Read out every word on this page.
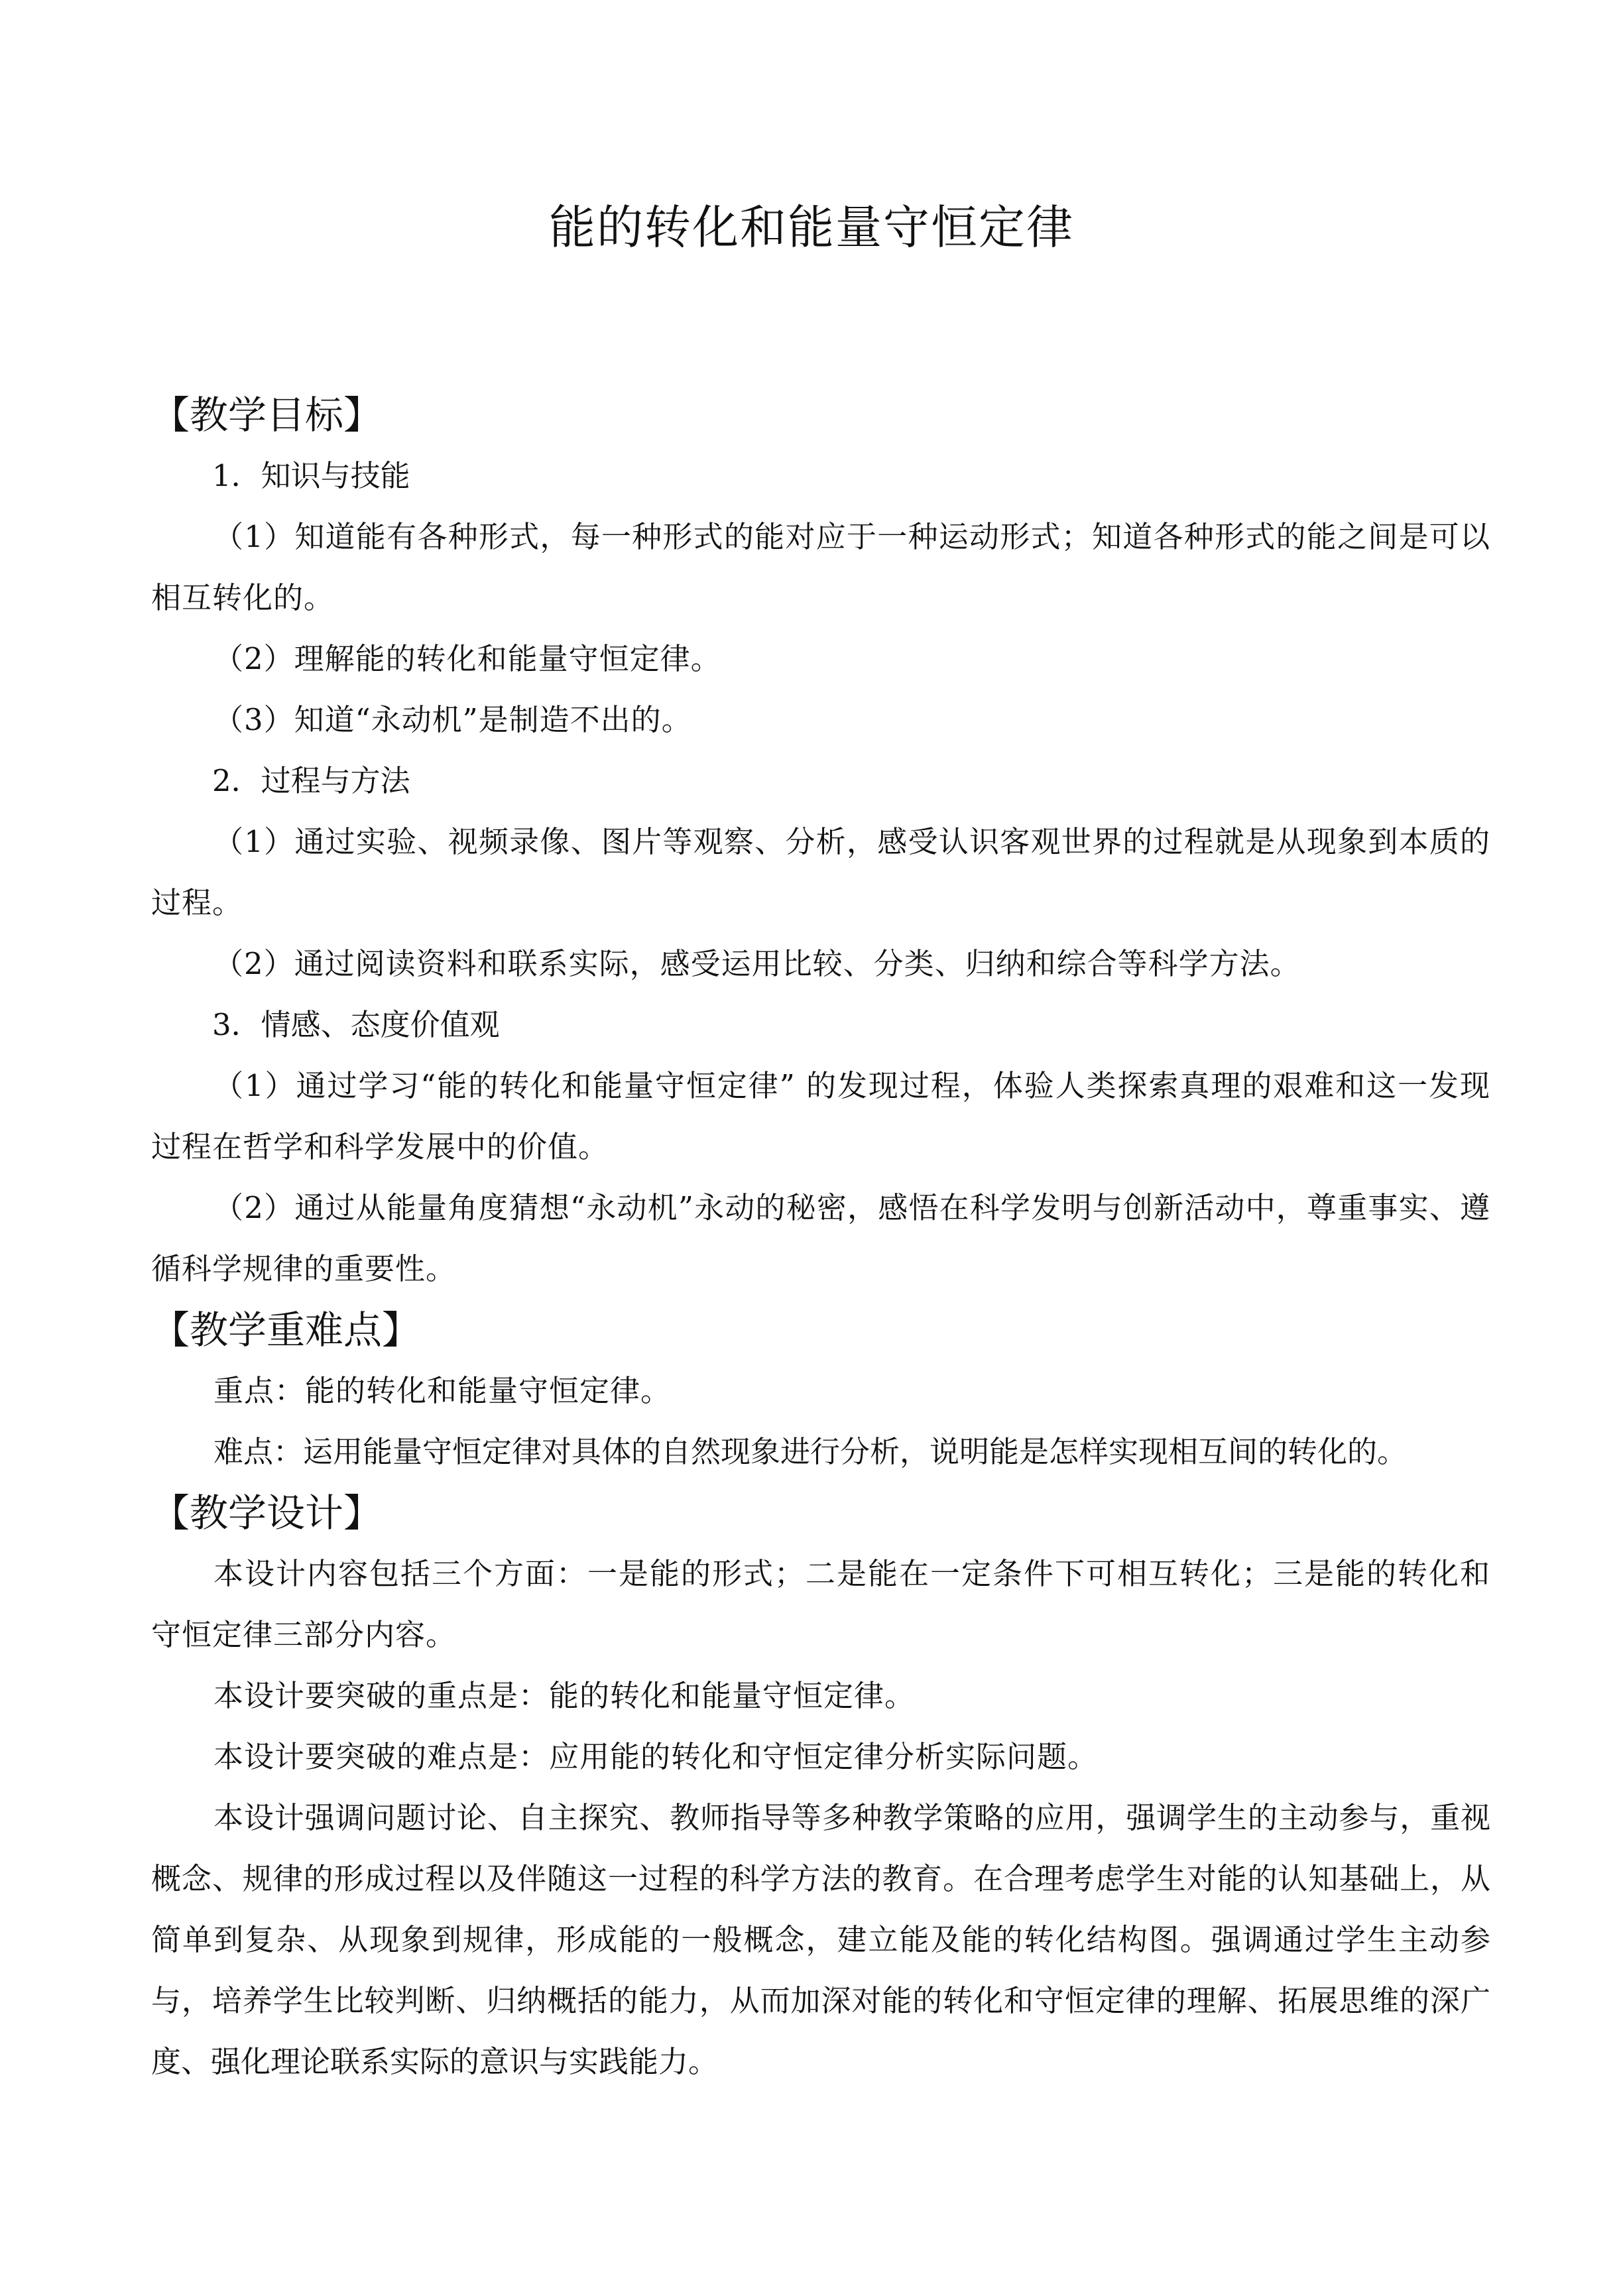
能的转化和能量守恒定律
【教学目标】
1．知识与技能

（1）知道能有各种形式，每一种形式的能对应于一种运动形式；知道各种形式的能之间是可以相互转化的。

（2）理解能的转化和能量守恒定律。
（3）知道“永动机”是制造不出的。
2．过程与方法

（1）通过实验、视频录像、图片等观察、分析，感受认识客观世界的过程就是从现象到本质的过程。

（2）通过阅读资料和联系实际，感受运用比较、分类、归纳和综合等科学方法。
3．情感、态度价值观

（1）通过学习“能的转化和能量守恒定律” 的发现过程，体验人类探索真理的艰难和这一发现过程在哲学和科学发展中的价值。

（2）通过从能量角度猜想“永动机”永动的秘密，感悟在科学发明与创新活动中，尊重事实、遵循科学规律的重要性。

【教学重难点】
重点：能的转化和能量守恒定律。
难点：运用能量守恒定律对具体的自然现象进行分析，说明能是怎样实现相互间的转化的。
【教学设计】

本设计内容包括三个方面：一是能的形式；二是能在一定条件下可相互转化；三是能的转化和守恒定律三部分内容。

本设计要突破的重点是：能的转化和能量守恒定律。
本设计要突破的难点是：应用能的转化和守恒定律分析实际问题。

本设计强调问题讨论、自主探究、教师指导等多种教学策略的应用，强调学生的主动参与，重视概念、规律的形成过程以及伴随这一过程的科学方法的教育。在合理考虑学生对能的认知基础上，从简单到复杂、从现象到规律，形成能的一般概念，建立能及能的转化结构图。强调通过学生主动参与，培养学生比较判断、归纳概括的能力，从而加深对能的转化和守恒定律的理解、拓展思维的深广度、强化理论联系实际的意识与实践能力。
